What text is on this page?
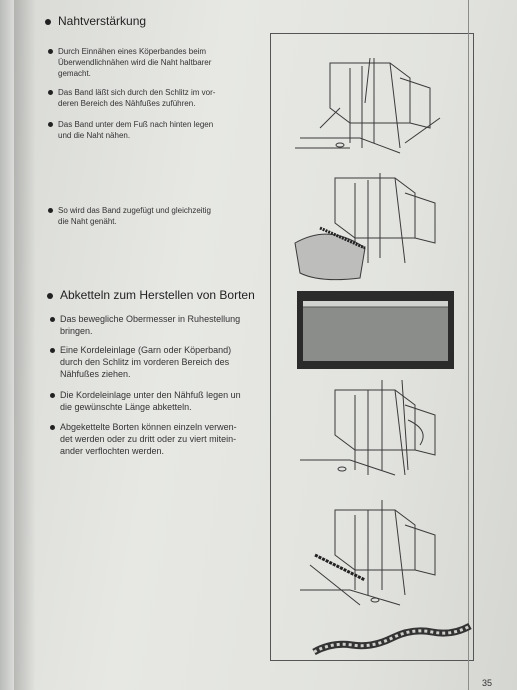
Nahtverstärkung
Durch Einnähen eines Köperbandes beim
Überwendlichnähen wird die Naht haltbarer
gemacht.
Das Band läßt sich durch den Schlitz im vor-
deren Bereich des Nähfußes zuführen.
Das Band unter dem Fuß nach hinten legen
und die Naht nähen.
So wird das Band zugefügt und gleichzeitig
die Naht genäht.
Abketteln zum Herstellen von Borten
Das bewegliche Obermesser in Ruhestellung
bringen.
Eine Kordeleinlage (Garn oder Köperband)
durch den Schlitz im vorderen Bereich des
Nähfußes ziehen.
Die Kordeleinlage unter den Nähfuß legen un
die gewünschte Länge abketteln.
Abgekettelte Borten können einzeln verwen-
det werden oder zu dritt oder zu viert mitein-
ander verflochten werden.
35
